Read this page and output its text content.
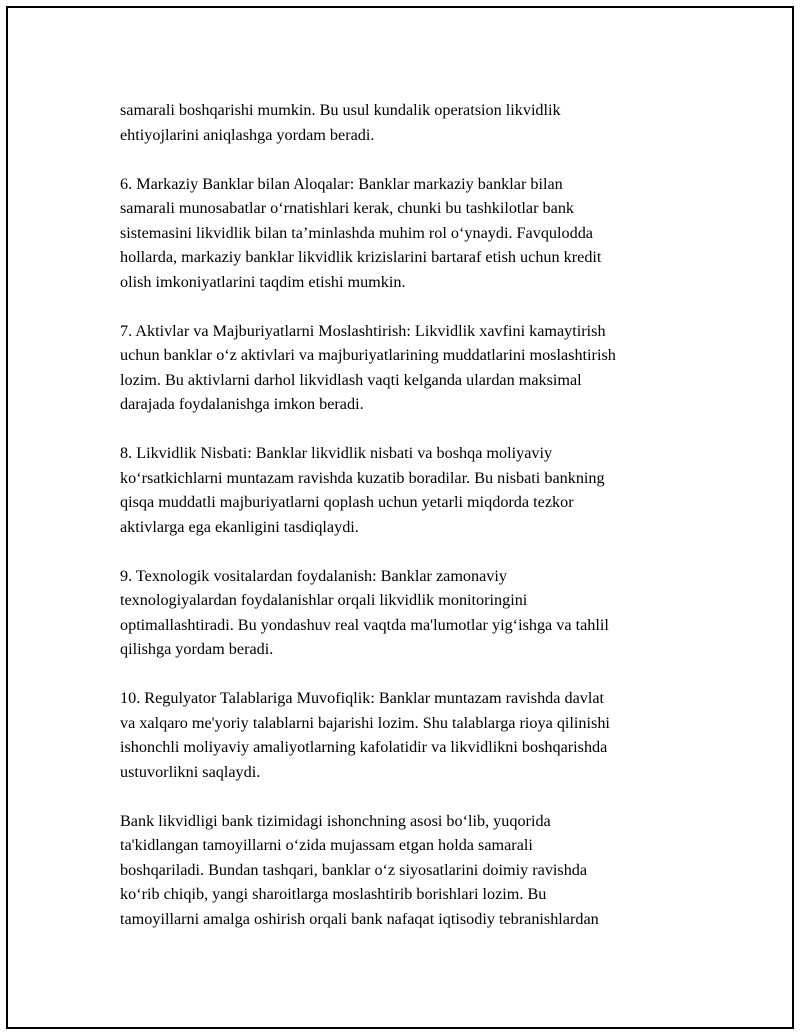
samarali boshqarishi mumkin. Bu usul kundalik operatsion likvidlik
ehtiyojlarini aniqlashga yordam beradi.

6. Markaziy Banklar bilan Aloqalar: Banklar markaziy banklar bilan
samarali munosabatlar o‘rnatishlari kerak, chunki bu tashkilotlar bank
sistemasini likvidlik bilan ta’minlashda muhim rol o‘ynaydi. Favqulodda
hollarda, markaziy banklar likvidlik krizislarini bartaraf etish uchun kredit
olish imkoniyatlarini taqdim etishi mumkin.

7. Aktivlar va Majburiyatlarni Moslashtirish: Likvidlik xavfini kamaytirish
uchun banklar o‘z aktivlari va majburiyatlarining muddatlarini moslashtirish
lozim. Bu aktivlarni darhol likvidlash vaqti kelganda ulardan maksimal
darajada foydalanishga imkon beradi.

8. Likvidlik Nisbati: Banklar likvidlik nisbati va boshqa moliyaviy
ko‘rsatkichlarni muntazam ravishda kuzatib boradilar. Bu nisbati bankning
qisqa muddatli majburiyatlarni qoplash uchun yetarli miqdorda tezkor
aktivlarga ega ekanligini tasdiqlaydi.

9. Texnologik vositalardan foydalanish: Banklar zamonaviy
texnologiyalardan foydalanishlar orqali likvidlik monitoringini
optimallashtiradi. Bu yondashuv real vaqtda ma'lumotlar yig‘ishga va tahlil
qilishga yordam beradi.

10. Regulyator Talablariga Muvofiqlik: Banklar muntazam ravishda davlat
va xalqaro me'yoriy talablarni bajarishi lozim. Shu talablarga rioya qilinishi
ishonchli moliyaviy amaliyotlarning kafolatidir va likvidlikni boshqarishda
ustuvorlikni saqlaydi.

Bank likvidligi bank tizimidagi ishonchning asosi bo‘lib, yuqorida
ta'kidlangan tamoyillarni o‘zida mujassam etgan holda samarali
boshqariladi. Bundan tashqari, banklar o‘z siyosatlarini doimiy ravishda
ko‘rib chiqib, yangi sharoitlarga moslashtirib borishlari lozim. Bu
tamoyillarni amalga oshirish orqali bank nafaqat iqtisodiy tebranishlardan
